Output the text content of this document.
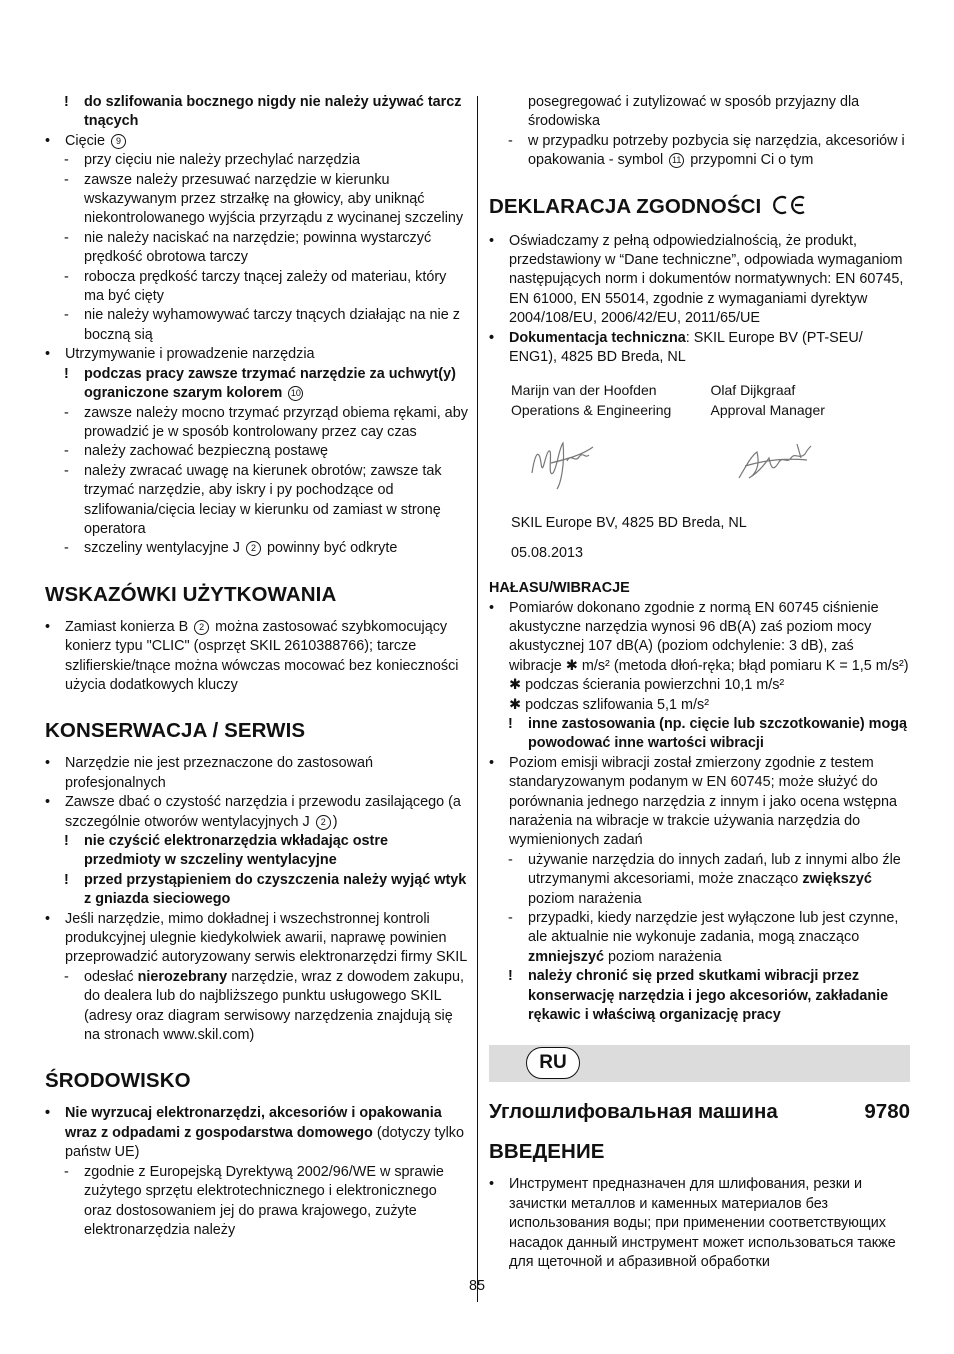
!	do szlifowania bocznego nigdy nie należy używać tarcz tnących
•	Cięcie 9
-	przy cięciu nie należy przechylać narzędzia
-	zawsze należy przesuwać narzędzie w kierunku wskazywanym przez strzałkę na głowicy, aby uniknąć niekontrolowanego wyjścia przyrządu z wycinanej szczeliny
-	nie należy naciskać na narzędzie; powinna wystarczyć prędkość obrotowa tarczy
-	robocza prędkość tarczy tnącej zależy od materiau, który ma być cięty
-	nie należy wyhamowywać tarczy tnących działając na nie z boczną sią
•	Utrzymywanie i prowadzenie narzędzia
!	podczas pracy zawsze trzymać narzędzie za uchwyt(y) ograniczone szarym kolorem 10
-	zawsze należy mocno trzymać przyrząd obiema rękami, aby prowadzić je w sposób kontrolowany przez cay czas
-	należy zachować bezpieczną postawę
-	należy zwracać uwagę na kierunek obrotów; zawsze tak trzymać narzędzie, aby iskry i py pochodzące od szlifowania/cięcia leciay w kierunku od zamiast w stronę operatora
-	szczeliny wentylacyjne J 2 powinny być odkryte
WSKAZÓWKI UŻYTKOWANIA
•	Zamiast konierza B 2 można zastosować szybkomocujący konierz typu "CLIC" (osprzęt SKIL 2610388766); tarcze szlifierskie/tnące można wówczas mocować bez konieczności użycia dodatkowych kluczy
KONSERWACJA / SERWIS
•	Narzędzie nie jest przeznaczone do zastosowań profesjonalnych
•	Zawsze dbać o czystość narzędzia i przewodu zasilającego (a szczególnie otworów wentylacyjnych J 2 )
!	nie czyścić elektronarzędzia wkładając ostre przedmioty w szczeliny wentylacyjne
!	przed przystąpieniem do czyszczenia należy wyjąć wtyk z gniazda sieciowego
•	Jeśli narzędzie, mimo dokładnej i wszechstronnej kontroli produkcyjnej ulegnie kiedykolwiek awarii, naprawę powinien przeprowadzić autoryzowany serwis elektronarzędzi firmy SKIL
-	odesłać nierozebrany narzędzie, wraz z dowodem zakupu, do dealera lub do najbliższego punktu usługowego SKIL (adresy oraz diagram serwisowy narzędzenia znajdują się na stronach www.skil.com)
ŚRODOWISKO
•	Nie wyrzucaj elektronarzędzi, akcesoriów i opakowania wraz z odpadami z gospodarstwa domowego (dotyczy tylko państw UE)
-	zgodnie z Europejską Dyrektywą 2002/96/WE w sprawie zużytego sprzętu elektrotechnicznego i elektronicznego oraz dostosowaniem jej do prawa krajowego, zużyte elektronarzędzia należy
posegregować i zutylizować w sposób przyjazny dla środowiska
-	w przypadku potrzeby pozbycia się narzędzia, akcesoriów i opakowania - symbol 11 przypomni Ci o tym
DEKLARACJA ZGODNOŚCI
•	Oświadczamy z pełną odpowiedzialnością, że produkt, przedstawiony w “Dane techniczne”, odpowiada wymaganiom następujących norm i dokumentów normatywnych: EN 60745, EN 61000, EN 55014, zgodnie z wymaganiami dyrektyw 2004/108/EU, 2006/42/EU, 2011/65/UE
•	Dokumentacja techniczna: SKIL Europe BV (PT-SEU/ ENG1), 4825 BD Breda, NL
Marijn van der Hoofden
Operations & Engineering
Olaf Dijkgraaf
Approval Manager
SKIL Europe BV, 4825 BD Breda, NL
05.08.2013
HAŁASU/WIBRACJE
•	Pomiarów dokonano zgodnie z normą EN 60745 ciśnienie akustyczne narzędzia wynosi 96 dB(A) zaś poziom mocy akustycznej 107 dB(A) (poziom odchylenie: 3 dB), zaś wibracje ✱ m/s² (metoda dłoń-ręka; błąd pomiaru K = 1,5 m/s²)
✱ podczas ścierania powierzchni 10,1 m/s²
✱ podczas szlifowania 5,1 m/s²
!	inne zastosowania (np. cięcie lub szczotkowanie) mogą powodować inne wartości wibracji
•	Poziom emisji wibracji został zmierzony zgodnie z testem standaryzowanym podanym w EN 60745; może służyć do porównania jednego narzędzia z innym i jako ocena wstępna narażenia na wibracje w trakcie używania narzędzia do wymienionych zadań
-	używanie narzędzia do innych zadań, lub z innymi albo źle utrzymanymi akcesoriami, może znacząco zwiększyć poziom narażenia
-	przypadki, kiedy narzędzie jest wyłączone lub jest czynne, ale aktualnie nie wykonuje zadania, mogą znacząco zmniejszyć poziom narażenia
!	należy chronić się przed skutkami wibracji przez konserwację narzędzia i jego akcesoriów, zakładanie rękawic i właściwą organizację pracy
RU
Углошлифовальная машина	9780
ВВЕДЕНИЕ
•	Инструмент предназначен для шлифования, резки и зачистки металлов и каменных материалов без использования воды; при применении соответствующих насадок данный инструмент может использоваться также для щеточной и абразивной обработки
85
